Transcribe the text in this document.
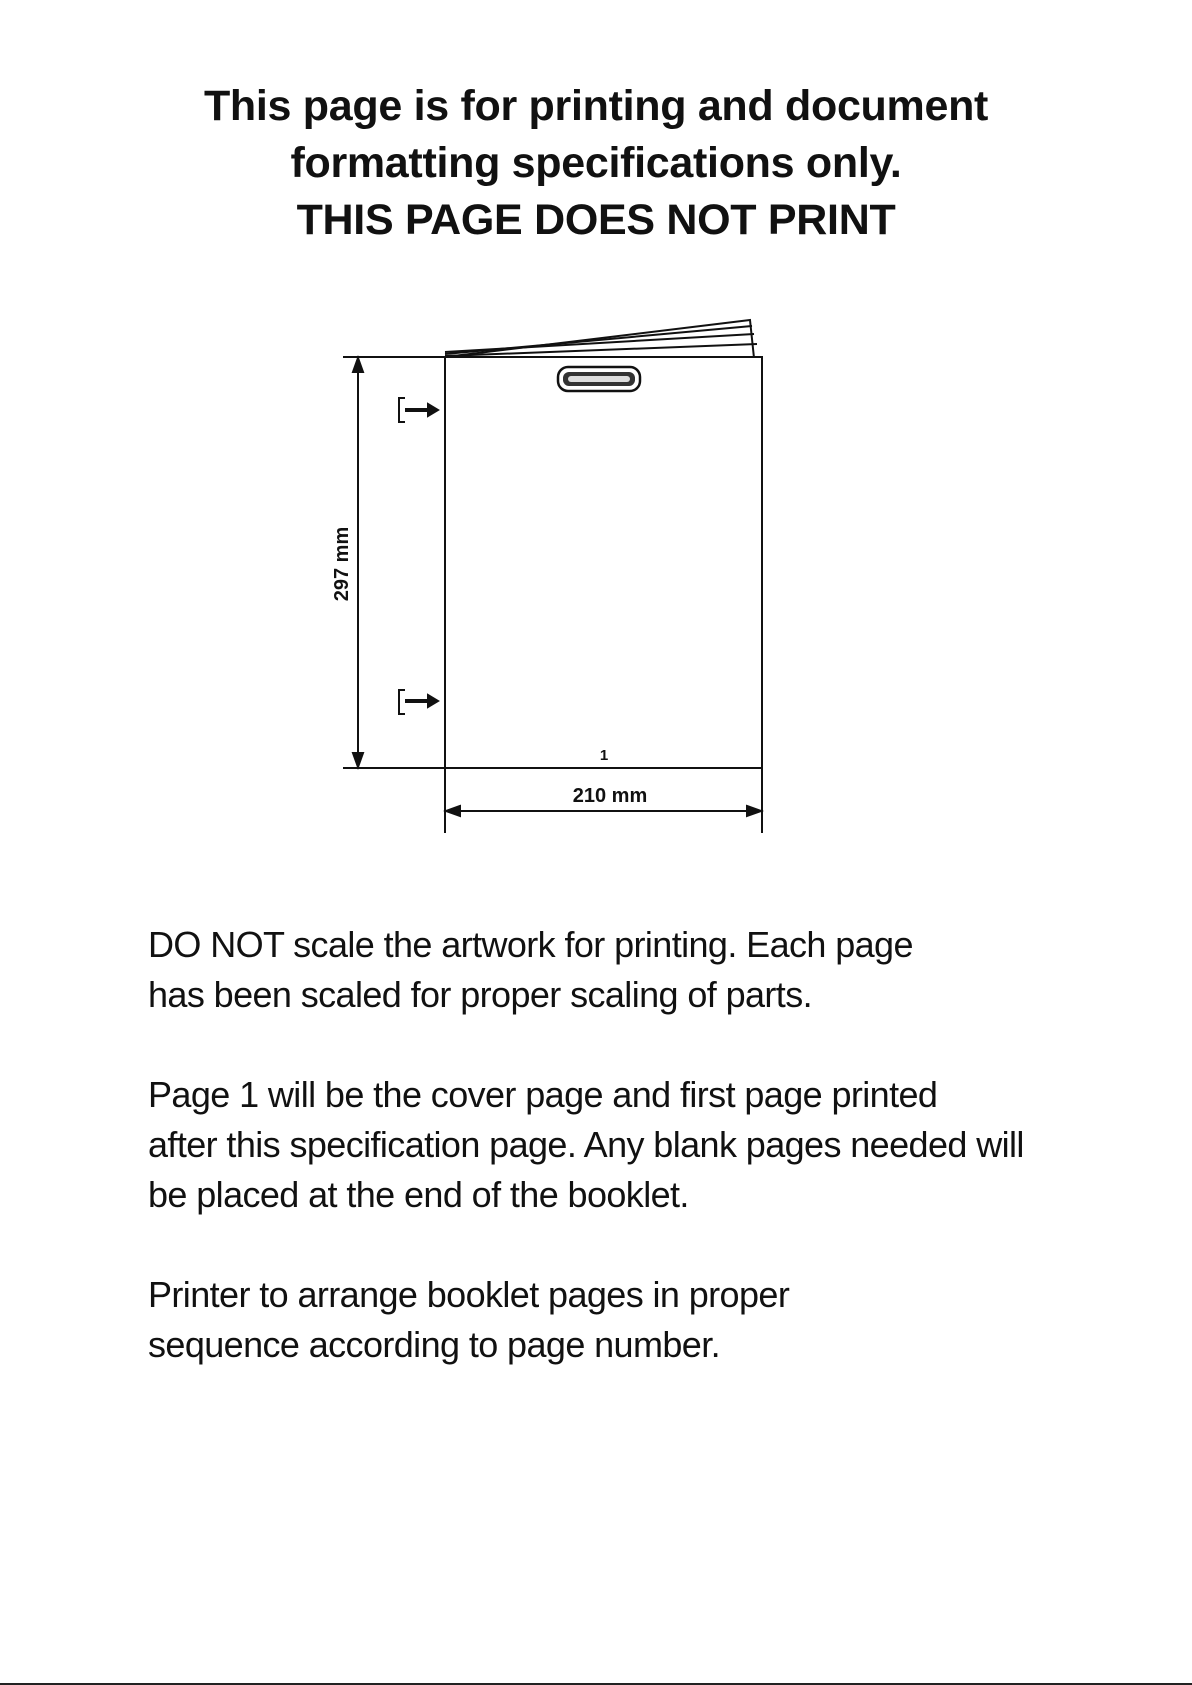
This page is for printing and document
formatting specifications only.
THIS PAGE DOES NOT PRINT
297 mm
1
210 mm
DO NOT scale the artwork for printing. Each page
has been scaled for proper scaling of parts.
Page 1 will be the cover page and first page printed
after this specification page. Any blank pages needed will
be placed at the end of the booklet.
Printer to arrange booklet pages in proper
sequence according to page number.
